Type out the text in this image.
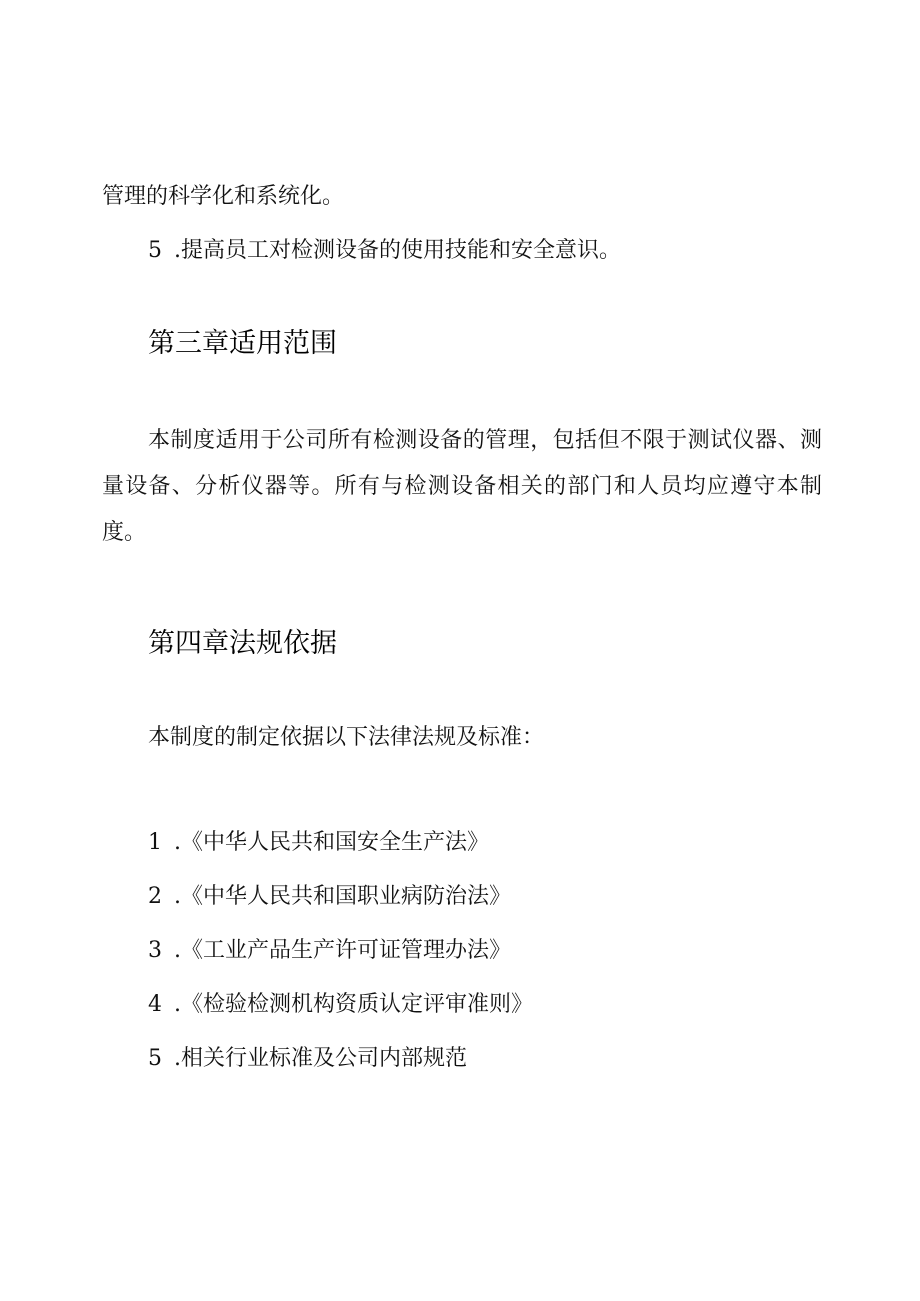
管理的科学化和系统化。
5 .提高员工对检测设备的使用技能和安全意识。
第三章适用范围
本制度适用于公司所有检测设备的管理，包括但不限于测试仪器、测量设备、分析仪器等。所有与检测设备相关的部门和人员均应遵守本制度。
第四章法规依据
本制度的制定依据以下法律法规及标准：
1 .《中华人民共和国安全生产法》
2 .《中华人民共和国职业病防治法》
3 .《工业产品生产许可证管理办法》
4 .《检验检测机构资质认定评审准则》
5 .相关行业标准及公司内部规范
